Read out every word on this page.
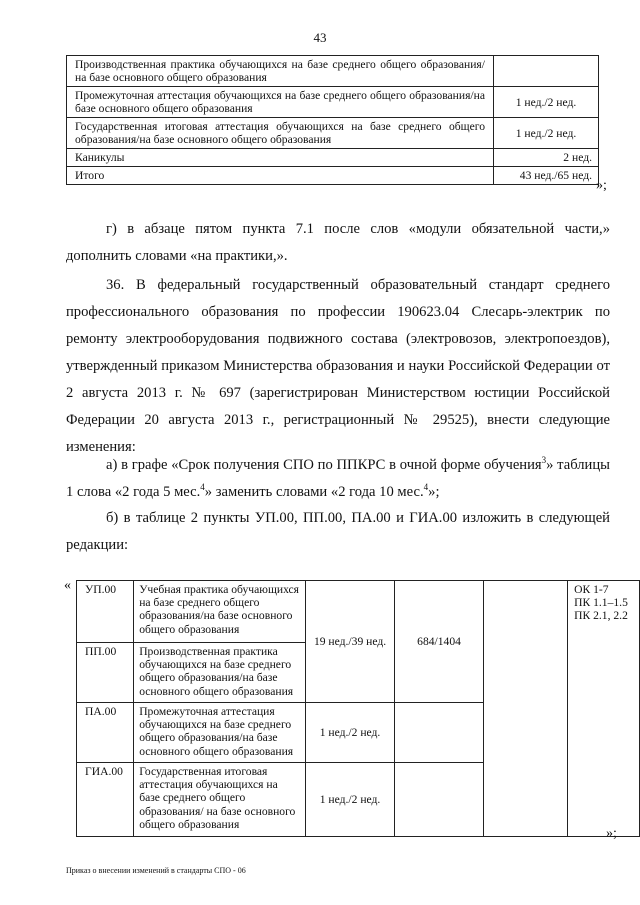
43
Производственная практика обучающихся на базе среднего общего образования/на базе основного общего образования	
Промежуточная аттестация обучающихся на базе среднего общего образования/на базе основного общего образования	1 нед./2 нед.
Государственная итоговая аттестация обучающихся на базе среднего общего образования/на базе основного общего образования	1 нед./2 нед.
Каникулы	2 нед.
Итого	43 нед./65 нед.
»;

г) в абзаце пятом пункта 7.1 после слов «модули обязательной части,»

дополнить словами «на практики,».

36. В федеральный государственный образовательный стандарт среднего профессионального образования по профессии 190623.04 Слесарь-электрик по ремонту электрооборудования подвижного состава (электровозов, электропоездов), утвержденный приказом Министерства образования и науки Российской Федерации от 2 августа 2013 г. № 697 (зарегистрирован Министерством юстиции Российской Федерации 20 августа 2013 г., регистрационный № 29525), внести следующие изменения:

а) в графе «Срок получения СПО по ППКРС в очной форме обучения$^3$» таблицы 1 слова «2 года 5 мес.$^4$» заменить словами «2 года 10 мес.$^4$»;

б) в таблице 2 пункты УП.00, ПП.00, ПА.00 и ГИА.00 изложить в следующей редакции:

« УП.00	Учебная практика обучающихся на базе среднего общего образования/на базе основного общего образования	19 нед./39 нед.	684/1404		ОК 1-7
ПК 1.1–1.5
ПК 2.1, 2.2

ПП.00	Производственная практика обучающихся на базе среднего общего образования/на базе основного общего образования				
ПА.00	Промежуточная аттестация обучающихся на базе среднего общего образования/на базе основного общего образования	1 нед./2 нед.			
ГИА.00	Государственная итоговая аттестация обучающихся на базе среднего общего образования/ на базе основного общего образования	1 нед./2 нед.			
»;
Приказ о внесении изменений в стандарты СПО - 06
